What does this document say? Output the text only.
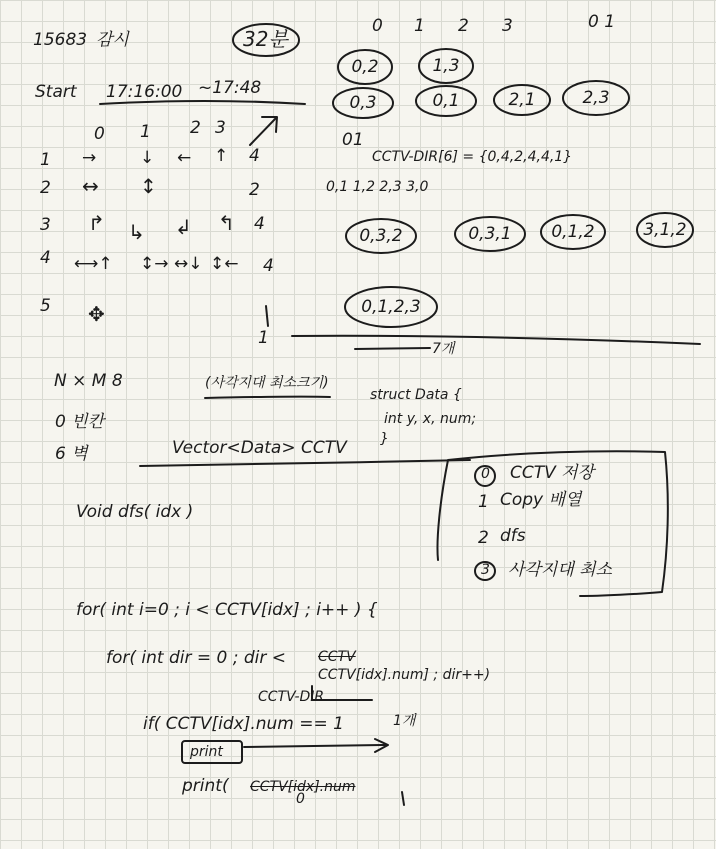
15683 감시	32분
0 1 2 3	0 1
Start 17:16:00 ~17:48
0 1 2 3
1 →	↓ ← ↑ 4
2 ↔ ↕	2
3 ↱ ↳ ↲ ↰ 4
4 ⟷↑ ↕→ ↔↓ ↕← 4
5 ✥
1
0,2	1,3
0,3	0,1	2,1	2,3
01
CCTV-DIR[6] = {0,4,2,4,4,1}
0,1 1,2 2,3 3,0
0,3,2	0,3,1	0,1,2	3,1,2
0,1,2,3
7개
N × M 8	(사각지대 최소크기)
struct Data {
int y, x, num;
}
0 빈칸
6 벽	Vector<Data> CCTV
Void dfs( idx )
0 CCTV 저장
1 Copy 배열
2 dfs
3 사각지대 최소
for( int i=0 ; i < CCTV[idx] ; i++ ) {
for( int dir = 0 ; dir < CCTV
CCTV[idx].num] ; dir++)
CCTV-DIR
if( CCTV[idx].num == 1	1개
print
print( CCTV[idx].num
0
